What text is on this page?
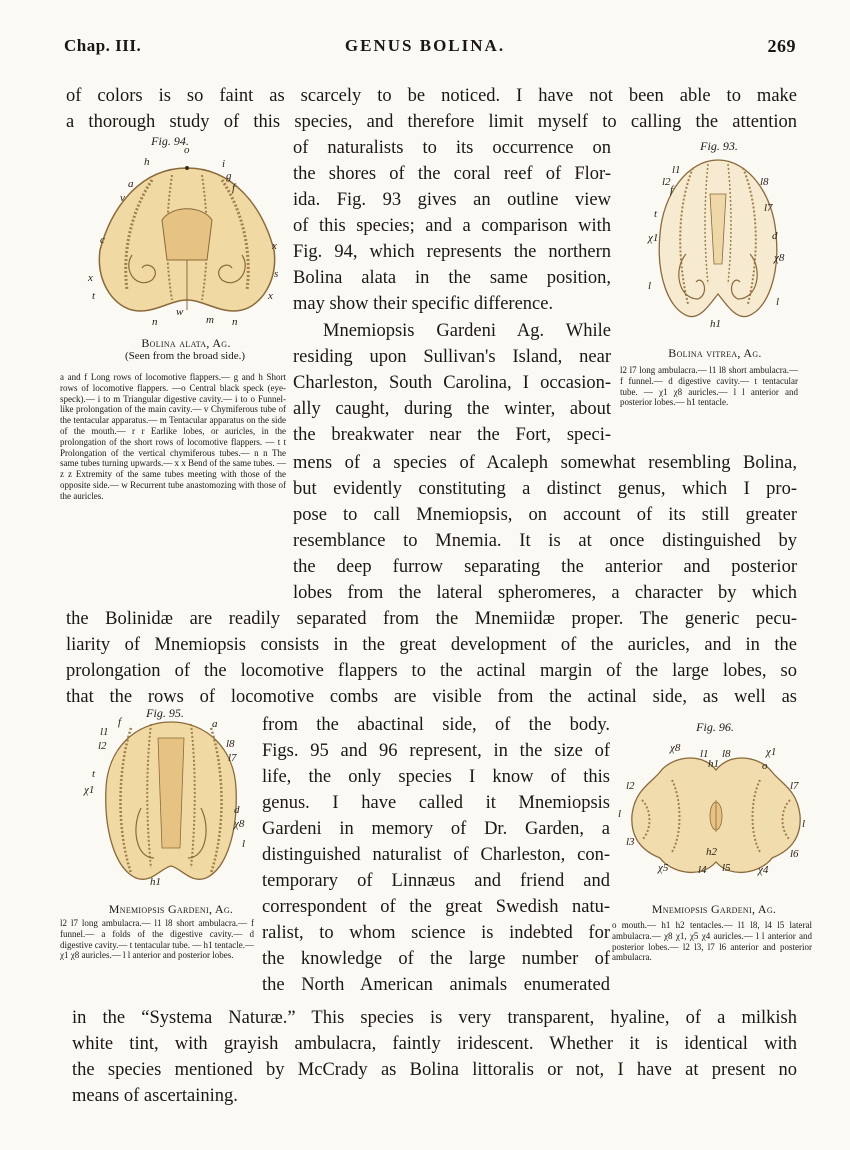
Chap. III.	GENUS BOLINA.	269
of colors is so faint as scarcely to be noticed. I have not been able to make
a thorough study of this species, and therefore limit myself to calling the attention
of naturalists to its occurrence on
the shores of the coral reef of Flor-
ida. Fig. 93 gives an outline view
of this species; and a comparison with
Fig. 94, which represents the northern
Bolina alata in the same position,
may show their specific difference.
Mnemiopsis Gardeni Ag. While
residing upon Sullivan's Island, near
Charleston, South Carolina, I occasion-
ally caught, during the winter, about
the breakwater near the Fort, speci-
mens of a species of Acaleph somewhat resembling Bolina,
but evidently constituting a distinct genus, which I pro-
pose to call Mnemiopsis, on account of its still greater
resemblance to Mnemia. It is at once distinguished by
the deep furrow separating the anterior and posterior
lobes from the lateral spheromeres, a character by which
the Bolinidæ are readily separated from the Mnemiidæ proper. The generic pecu-
liarity of Mnemiopsis consists in the great development of the auricles, and in the
prolongation of the locomotive flappers to the actinal margin of the large lobes, so
that the rows of locomotive combs are visible from the actinal side, as well as
from the abactinal side, of the body.
Figs. 95 and 96 represent, in the size of
life, the only species I know of this
genus. I have called it Mnemiopsis
Gardeni in memory of Dr. Garden, a
distinguished naturalist of Charleston, con-
temporary of Linnæus and friend and
correspondent of the great Swedish natu-
ralist, to whom science is indebted for
the knowledge of the large number of
the North American animals enumerated
in the “Systema Naturæ.” This species is very transparent, hyaline, of a milkish
white tint, with grayish ambulacra, faintly iridescent. Whether it is identical with
the species mentioned by McCrady as Bolina littoralis or not, I have at present no
means of ascertaining.
Fig. 94.
o
h	i
g
f
a
v
c	x
x
t
s
x
n
w
m n
Bolina alata, Ag.
(Seen from the broad side.)
a and f Long rows of locomotive flappers.— g and h Short rows of locomotive flappers. —o Central black speck (eye-speck).— i to m Triangular digestive cavity.— i to o Funnel-like prolongation of the main cavity.— v Chymiferous tube of the tentacular apparatus.— m Tentacular apparatus on the side of the mouth.— r r Earlike lobes, or auricles, in the prolongation of the short rows of locomotive flappers. — t t Prolongation of the vertical chymiferous tubes.— n n The same tubes turning upwards.— x x Bend of the same tubes. — z z Extremity of the same tubes meeting with those of the opposite side.— w Recurrent tube anastomozing with those of the auricles.
Fig. 93.
l1
l2
f
l8
l7
t
χ1	d
χ8
l
l
h1
Bolina vitrea, Ag.
l2 l7 long ambulacra.— l1 l8 short ambulacra.— f funnel.— d digestive cavity.— t tentacular tube. — χ1 χ8 auricles.— l l anterior and posterior lobes.— h1 tentacle.
Fig. 95.
l1
f	a
l2	l8
l7
t
χ1
d
χ8
l
h1
Mnemiopsis Gardeni, Ag.
l2 l7 long ambulacra.— l1 l8 short ambulacra.— f funnel.— a folds of the digestive cavity.— d digestive cavity.— t tentacular tube. — h1 tentacle.— χ1 χ8 auricles.— l l anterior and posterior lobes.
Fig. 96.
χ8 l1 l8
h1
χ1
o
l2	l7
l
l
l3
h2	l6
χ5	l4 l5 χ4
Mnemiopsis Gardeni, Ag.
o mouth.— h1 h2 tentacles.— l1 l8, l4 l5 lateral ambulacra.— χ8 χ1, χ5 χ4 auricles.— l l anterior and posterior lobes.— l2 l3, l7 l6 anterior and posterior ambulacra.
